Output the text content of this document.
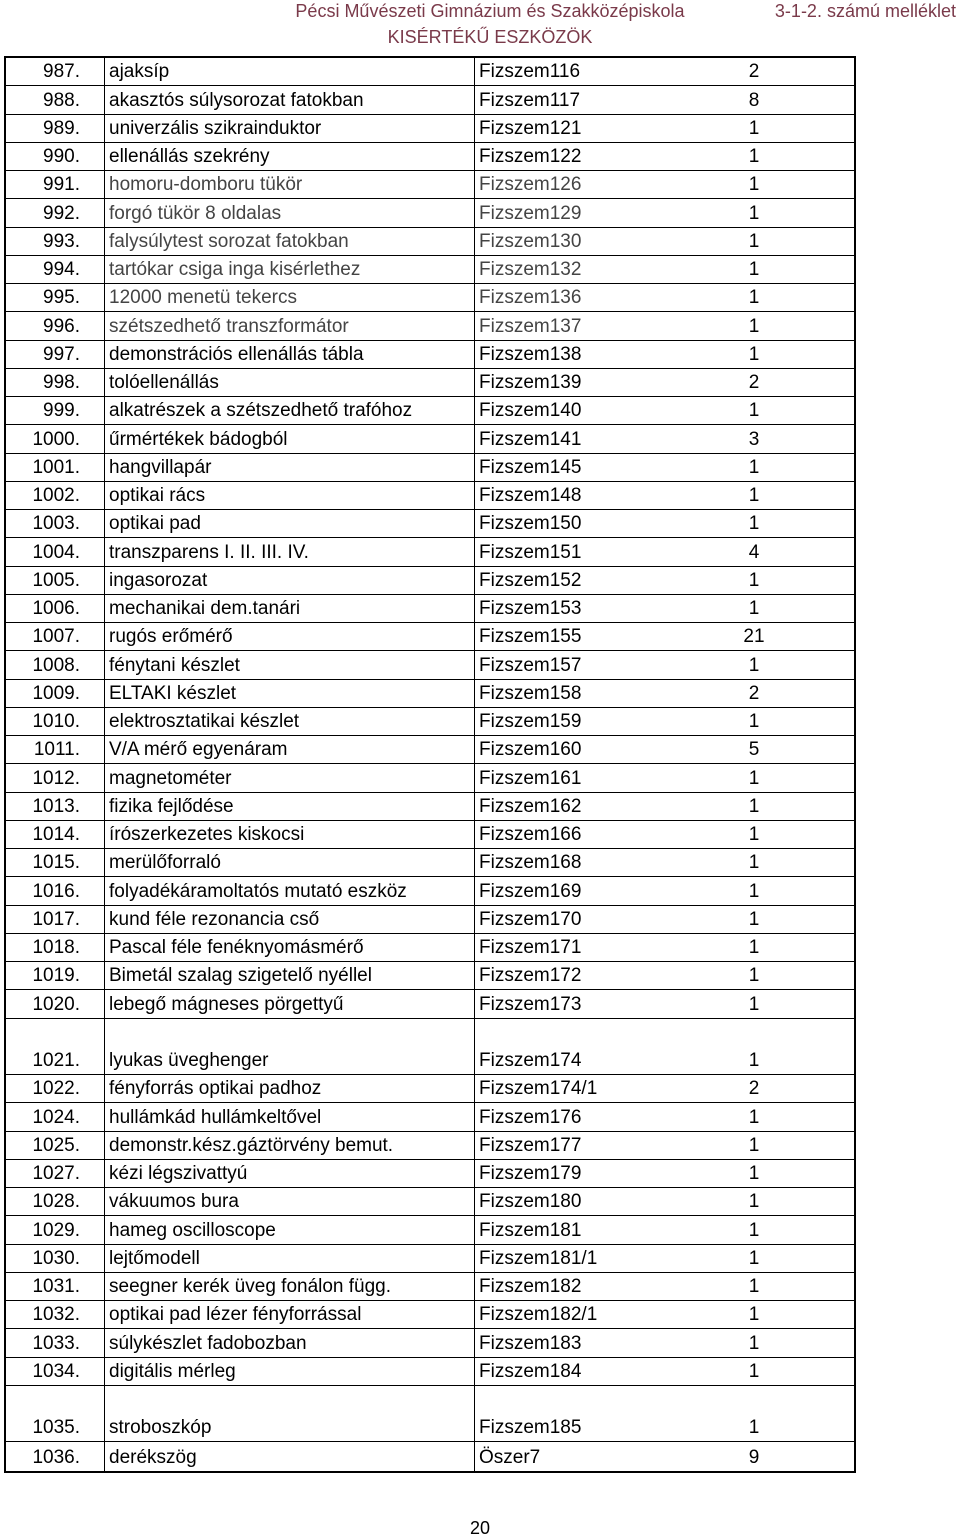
Pécsi Művészeti Gimnázium és Szakközépiskola
KISÉRTÉKŰ ESZKÖZÖK
3-1-2. számú melléklet
987. ajaksíp	Fizszem116	2
988. akasztós súlysorozat fatokban	Fizszem117	8
989. univerzális szikrainduktor	Fizszem121	1
990. ellenállás szekrény	Fizszem122	1
991. homoru-domboru tükör	Fizszem126	1
992. forgó tükör 8 oldalas	Fizszem129	1
993. falysúlytest sorozat fatokban	Fizszem130	1
994. tartókar csiga inga kisérlethez	Fizszem132	1
995. 12000 menetü tekercs	Fizszem136	1
996. szétszedhető transzformátor	Fizszem137	1
997. demonstrációs ellenállás tábla	Fizszem138	1
998. tolóellenállás	Fizszem139	2
999. alkatrészek a szétszedhető trafóhoz	Fizszem140	1
1000. űrmértékek bádogból	Fizszem141	3
1001. hangvillapár	Fizszem145	1
1002. optikai rács	Fizszem148	1
1003. optikai pad	Fizszem150	1
1004. transzparens I. II. III. IV.	Fizszem151	4
1005. ingasorozat	Fizszem152	1
1006. mechanikai dem.tanári	Fizszem153	1
1007. rugós erőmérő	Fizszem155	21
1008. fénytani készlet	Fizszem157	1
1009. ELTAKI készlet	Fizszem158	2
1010. elektrosztatikai készlet	Fizszem159	1
1011. V/A mérő egyenáram	Fizszem160	5
1012. magnetométer	Fizszem161	1
1013. fizika fejlődése	Fizszem162	1
1014. írószerkezetes kiskocsi	Fizszem166	1
1015. merülőforraló	Fizszem168	1
1016. folyadékáramoltatós mutató eszköz	Fizszem169	1
1017. kund féle rezonancia cső	Fizszem170	1
1018. Pascal féle fenéknyomásmérő	Fizszem171	1
1019. Bimetál szalag szigetelő nyéllel	Fizszem172	1
1020. lebegő mágneses pörgettyű	Fizszem173	1
1021. lyukas üveghenger	Fizszem174	1
1022. fényforrás optikai padhoz	Fizszem174/1	2
1024. hullámkád hullámkeltővel	Fizszem176	1
1025. demonstr.kész.gáztörvény bemut.	Fizszem177	1
1027. kézi légszivattyú	Fizszem179	1
1028. vákuumos bura	Fizszem180	1
1029. hameg oscilloscope	Fizszem181	1
1030. lejtőmodell	Fizszem181/1	1
1031. seegner kerék üveg fonálon függ.	Fizszem182	1
1032. optikai pad lézer fényforrással	Fizszem182/1	1
1033. súlykészlet fadobozban	Fizszem183	1
1034. digitális mérleg	Fizszem184	1
1035. stroboszkóp	Fizszem185	1
1036. derékszög	Öszer7	9
20
